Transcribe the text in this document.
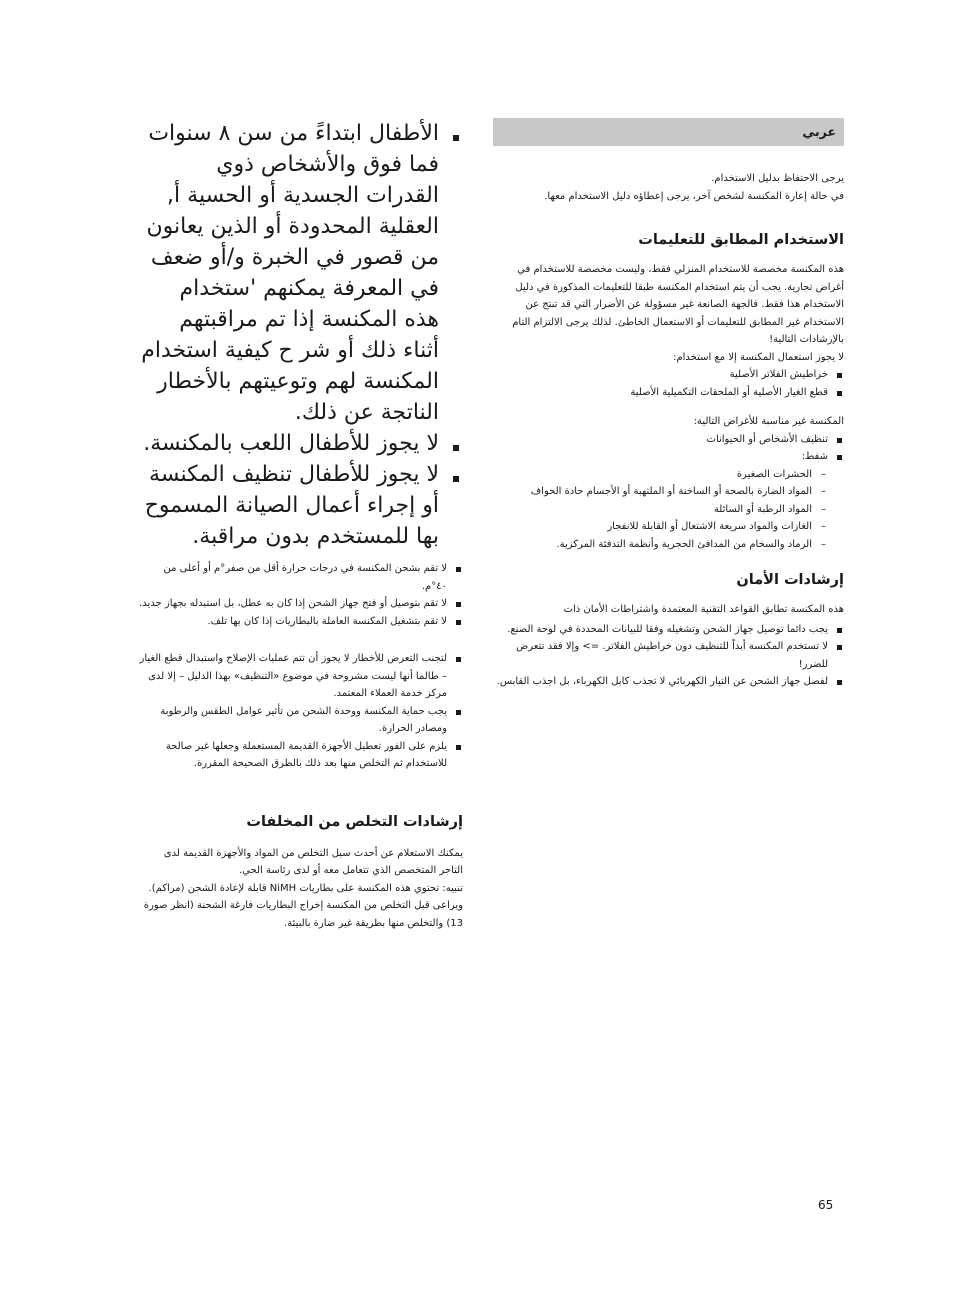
عربي

يرجى الاحتفاظ بدليل الاستخدام.

في حالة إعارة المكنسة لشخص آخر، يرجى إعطاؤه دليل الاستخدام معها.

الاستخدام المطابق للتعليمات

هذه المكنسة مخصصة للاستخدام المنزلي فقط، وليست مخصصة للاستخدام في أغراض تجارية. يجب أن يتم استخدام المكنسة طبقا للتعليمات المذكورة في دليل الاستخدام هذا فقط. فالجهة الصانعة غير مسؤولة عن الأضرار التي قد تنتج عن الاستخدام غير المطابق للتعليمات أو الاستعمال الخاطئ. لذلك يرجى الالتزام التام بالإرشادات التالية!

لا يجوز استعمال المكنسة إلا مع استخدام:

خراطيش الفلاتر الأصلية
قطع الغيار الأصلية أو الملحقات التكميلية الأصلية

المكنسة غير مناسبة للأغراض التالية:

تنظيف الأشخاص أو الحيوانات
شفط:
– الحشرات الصغيرة
– المواد الضارة بالصحة أو الساخنة أو الملتهبة أو الأجسام حادة الحواف
– المواد الرطبة أو السائلة
– الغازات والمواد سريعة الاشتعال أو القابلة للانفجار
– الرماد والسخام من المدافئ الحجرية وأنظمة التدفئة المركزية.
إرشادات الأمان

هذه المكنسة تطابق القواعد التقنية المعتمدة واشتراطات الأمان ذات

يجب دائما توصيل جهاز الشحن وتشغيله وفقا للبيانات المحددة في لوحة الصنع.
لا تستخدم المكنسة أبداً للتنظيف دون خراطيش الفلاتر. => وإلا فقد تتعرض للضرر!
لفصل جهاز الشحن عن التيار الكهربائي لا تجذب كابل الكهرباء، بل اجذب القابس.
الأطفال ابتداءً من سن ٨ سنوات فما فوق والأشخاص ذوي القدرات الجسدية أو الحسية أ, العقلية المحدودة أو الذين يعانون من قصور في الخبرة و/أو ضعف في المعرفة يمكنهم 'ستخدام هذه المكنسة إذا تم مراقبتهم أثناء ذلك أو شر ح كيفية استخدام المكنسة لهم وتوعيتهم بالأخطار الناتجة عن ذلك.
لا يجوز للأطفال اللعب بالمكنسة.
لا يجوز للأطفال تنظيف المكنسة أو إجراء أعمال الصيانة المسموح بها للمستخدم بدون مراقبة.
لا تقم بشحن المكنسة في درجات حرارة أقل من صفر°م أو أعلى من ٤٠°م.
لا تقم بتوصيل أو فتح جهاز الشحن إذا كان به عطل، بل استبدله بجهاز جديد.
لا تقم بتشغيل المكنسة العاملة بالبطاريات إذا كان بها تلف.
لتجنب التعرض للأخطار لا يجوز أن تتم عمليات الإصلاح واستبدال قطع الغيار – طالما أنها ليست مشروحة في موضوع «التنظيف» بهذا الدليل – إلا لدى مركز خدمة العملاء المعتمد.
يجب حماية المكنسة ووحدة الشحن من تأثير عوامل الطقس والرطوبة ومصادر الحرارة.
يلزم على الفور تعطيل الأجهزة القديمة المستعملة وجعلها غير صالحة للاستخدام ثم التخلص منها بعد ذلك بالطرق الصحيحة المقررة.
إرشادات التخلص من المخلفات

يمكنك الاستعلام عن أحدث سبل التخلص من المواد والأجهزة القديمة لدى التاجر المتخصص الذي تتعامل معه أو لدى رئاسة الحي.

تنبيه: تحتوي هذه المكنسة على بطاريات NiMH قابلة لإعادة الشحن (مراكم). ويراعى قبل التخلص من المكنسة إخراج البطاريات فارغة الشحنة (انظر صورة 13) والتخلص منها بطريقة غير ضارة بالبيئة.

65
